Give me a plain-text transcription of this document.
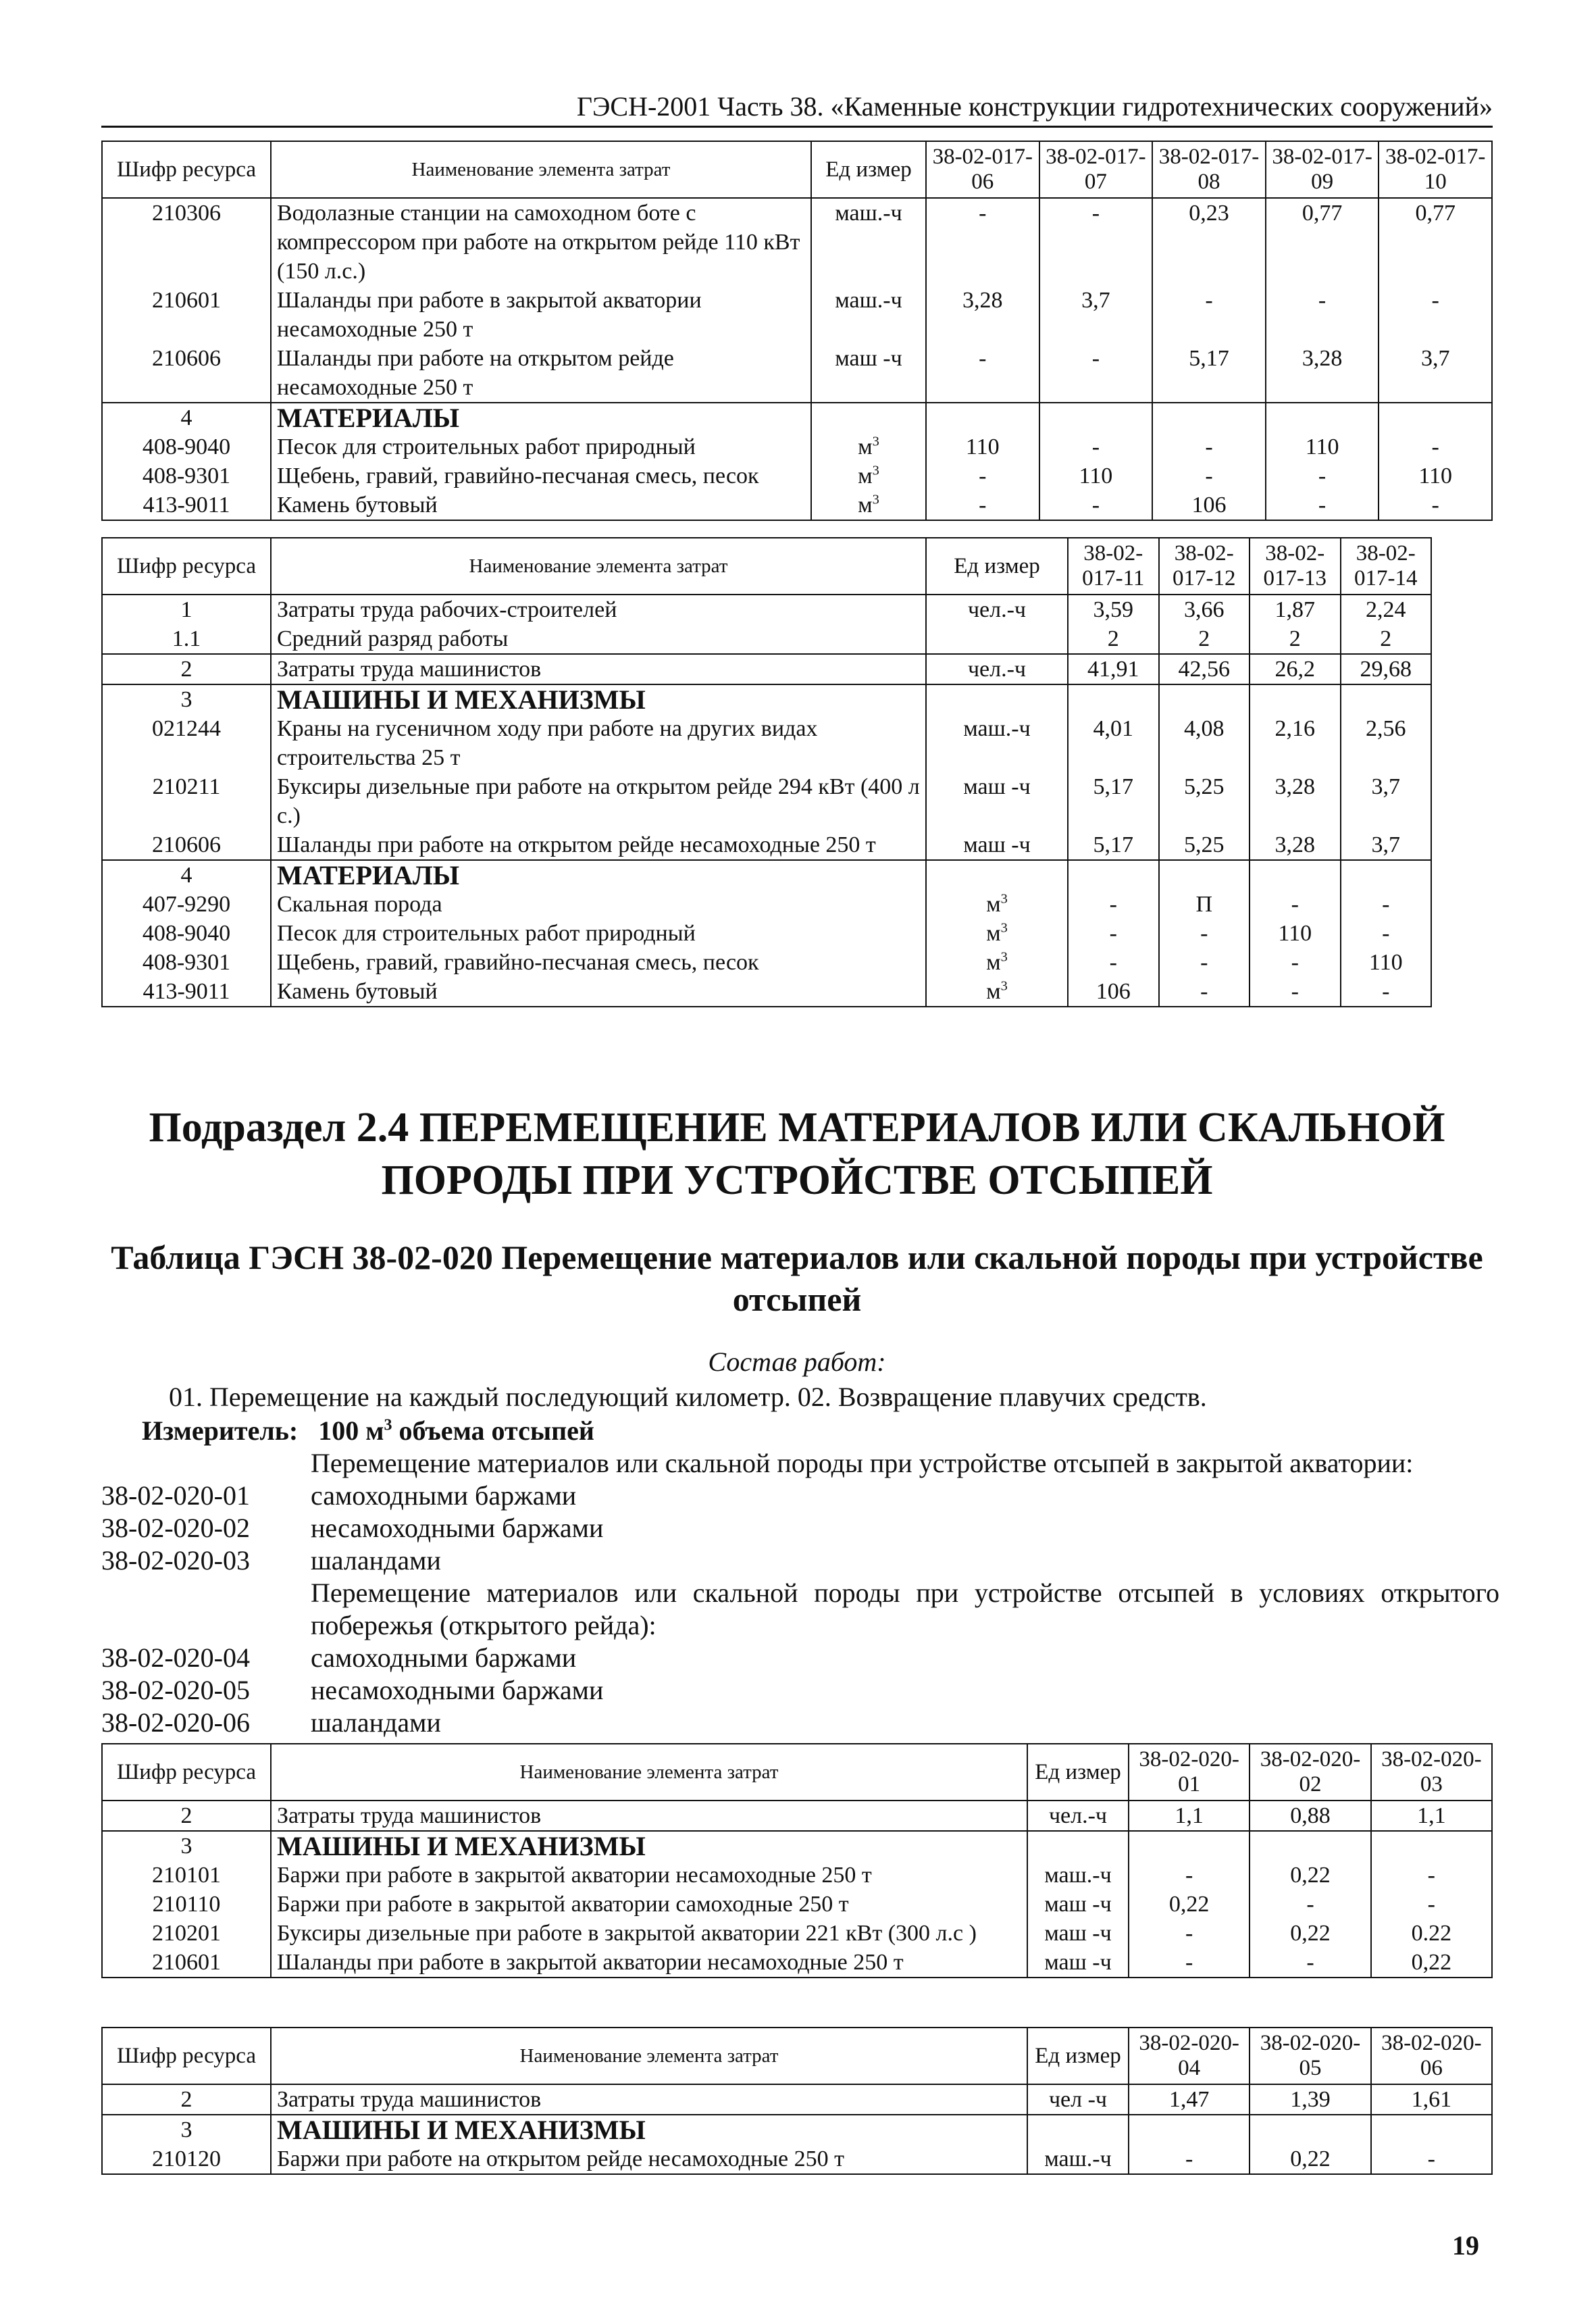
ГЭСН-2001 Часть 38. «Каменные конструкции гидротехнических сооружений»
Шифр ресурса	Наименование элемента затрат	Ед измер	38-02-017-06	38-02-017-07	38-02-017-08	38-02-017-09	38-02-017-10
210306	Водолазные станции на самоходном боте с компрессором при работе на открытом рейде 110 кВт (150 л.с.)	маш.-ч	-	-	0,23	0,77	0,77
210601	Шаланды при работе в закрытой акватории несамоходные 250 т	маш.-ч	3,28	3,7	-	-	-
210606	Шаланды при работе на открытом рейде несамоходные 250 т	маш -ч	-	-	5,17	3,28	3,7
4	МАТЕРИАЛЫ						
408-9040	Песок для строительных работ природный	$м^3$	110	-	-	110	-
408-9301	Щебень, гравий, гравийно-песчаная смесь, песок	$м^3$	-	110	-	-	110
413-9011	Камень бутовый	$м^3$	-	-	106	-	-
Шифр ресурса	Наименование элемента затрат	Ед измер	38-02-017-11	38-02-017-12	38-02-017-13	38-02-017-14
1	Затраты труда рабочих-строителей	чел.-ч	3,59	3,66	1,87	2,24
1.1	Средний разряд работы		2	2	2	2
2	Затраты труда машинистов	чел.-ч	41,91	42,56	26,2	29,68
3	МАШИНЫ И МЕХАНИЗМЫ					
021244	Краны на гусеничном ходу при работе на других видах строительства 25 т	маш.-ч	4,01	4,08	2,16	2,56
210211	Буксиры дизельные при работе на открытом рейде 294 кВт (400 л с.)	маш -ч	5,17	5,25	3,28	3,7
210606	Шаланды при работе на открытом рейде несамоходные 250 т	маш -ч	5,17	5,25	3,28	3,7
4	МАТЕРИАЛЫ					
407-9290	Скальная порода	$м^3$	-	П	-	-
408-9040	Песок для строительных работ природный	$м^3$	-	-	110	-
408-9301	Щебень, гравий, гравийно-песчаная смесь, песок	$м^3$	-	-	-	110
413-9011	Камень бутовый	$м^3$	106	-	-	-
Подраздел 2.4 ПЕРЕМЕЩЕНИЕ МАТЕРИАЛОВ ИЛИ СКАЛЬНОЙ ПОРОДЫ ПРИ УСТРОЙСТВЕ ОТСЫПЕЙ
Таблица ГЭСН 38-02-020 Перемещение материалов или скальной породы при устройстве отсыпей
Состав работ:
01. Перемещение на каждый последующий километр. 02. Возвращение плавучих средств.
Измеритель: 100 $м^3$ объема отсыпей
Перемещение материалов или скальной породы при устройстве отсыпей в закрытой акватории:
38-02-020-01	самоходными баржами
38-02-020-02	несамоходными баржами
38-02-020-03	шаландами
Перемещение материалов или скальной породы при устройстве отсыпей в условиях открытого побережья (открытого рейда):
38-02-020-04	самоходными баржами
38-02-020-05	несамоходными баржами
38-02-020-06	шаландами
Шифр ресурса	Наименование элемента затрат	Ед измер	38-02-020-01	38-02-020-02	38-02-020-03
2	Затраты труда машинистов	чел.-ч	1,1	0,88	1,1
3	МАШИНЫ И МЕХАНИЗМЫ				
210101	Баржи при работе в закрытой акватории несамоходные 250 т	маш.-ч	-	0,22	-
210110	Баржи при работе в закрытой акватории самоходные 250 т	маш -ч	0,22	-	-
210201	Буксиры дизельные при работе в закрытой акватории 221 кВт (300 л.с )	маш -ч	-	0,22	0.22
210601	Шаланды при работе в закрытой акватории несамоходные 250 т	маш -ч	-	-	0,22
Шифр ресурса	Наименование элемента затрат	Ед измер	38-02-020-04	38-02-020-05	38-02-020-06
2	Затраты труда машинистов	чел -ч	1,47	1,39	1,61
3	МАШИНЫ И МЕХАНИЗМЫ				
210120	Баржи при работе на открытом рейде несамоходные 250 т	маш.-ч	-	0,22	-
19
